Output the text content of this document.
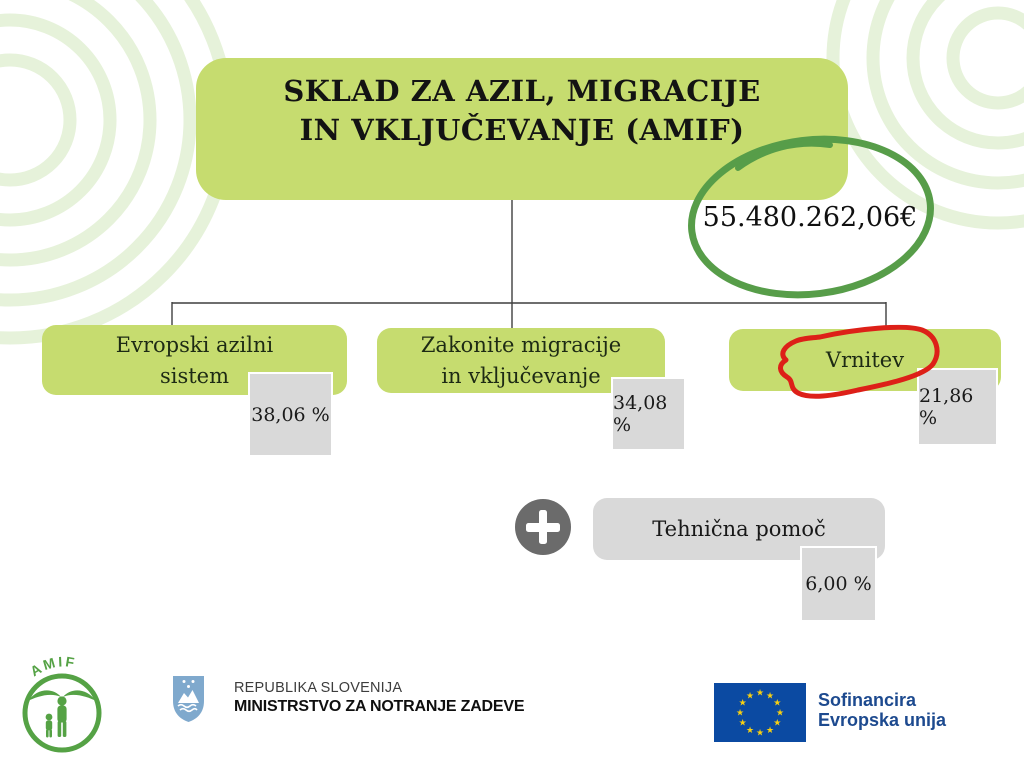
SKLAD ZA AZIL, MIGRACIJE
IN VKLJUČEVANJE (AMIF)
55.480.262,06€
Evropski azilni
sistem
38,06 %
Zakonite migracije
in vključevanje
34,08 %
Vrnitev
21,86 %
Tehnična pomoč
6,00 %
AMIF
REPUBLIKA SLOVENIJA
MINISTRSTVO ZA NOTRANJE ZADEVE
★ ★
★
★
★
★
★
★
★
★
★
★	Sofinancira
Evropska unija
